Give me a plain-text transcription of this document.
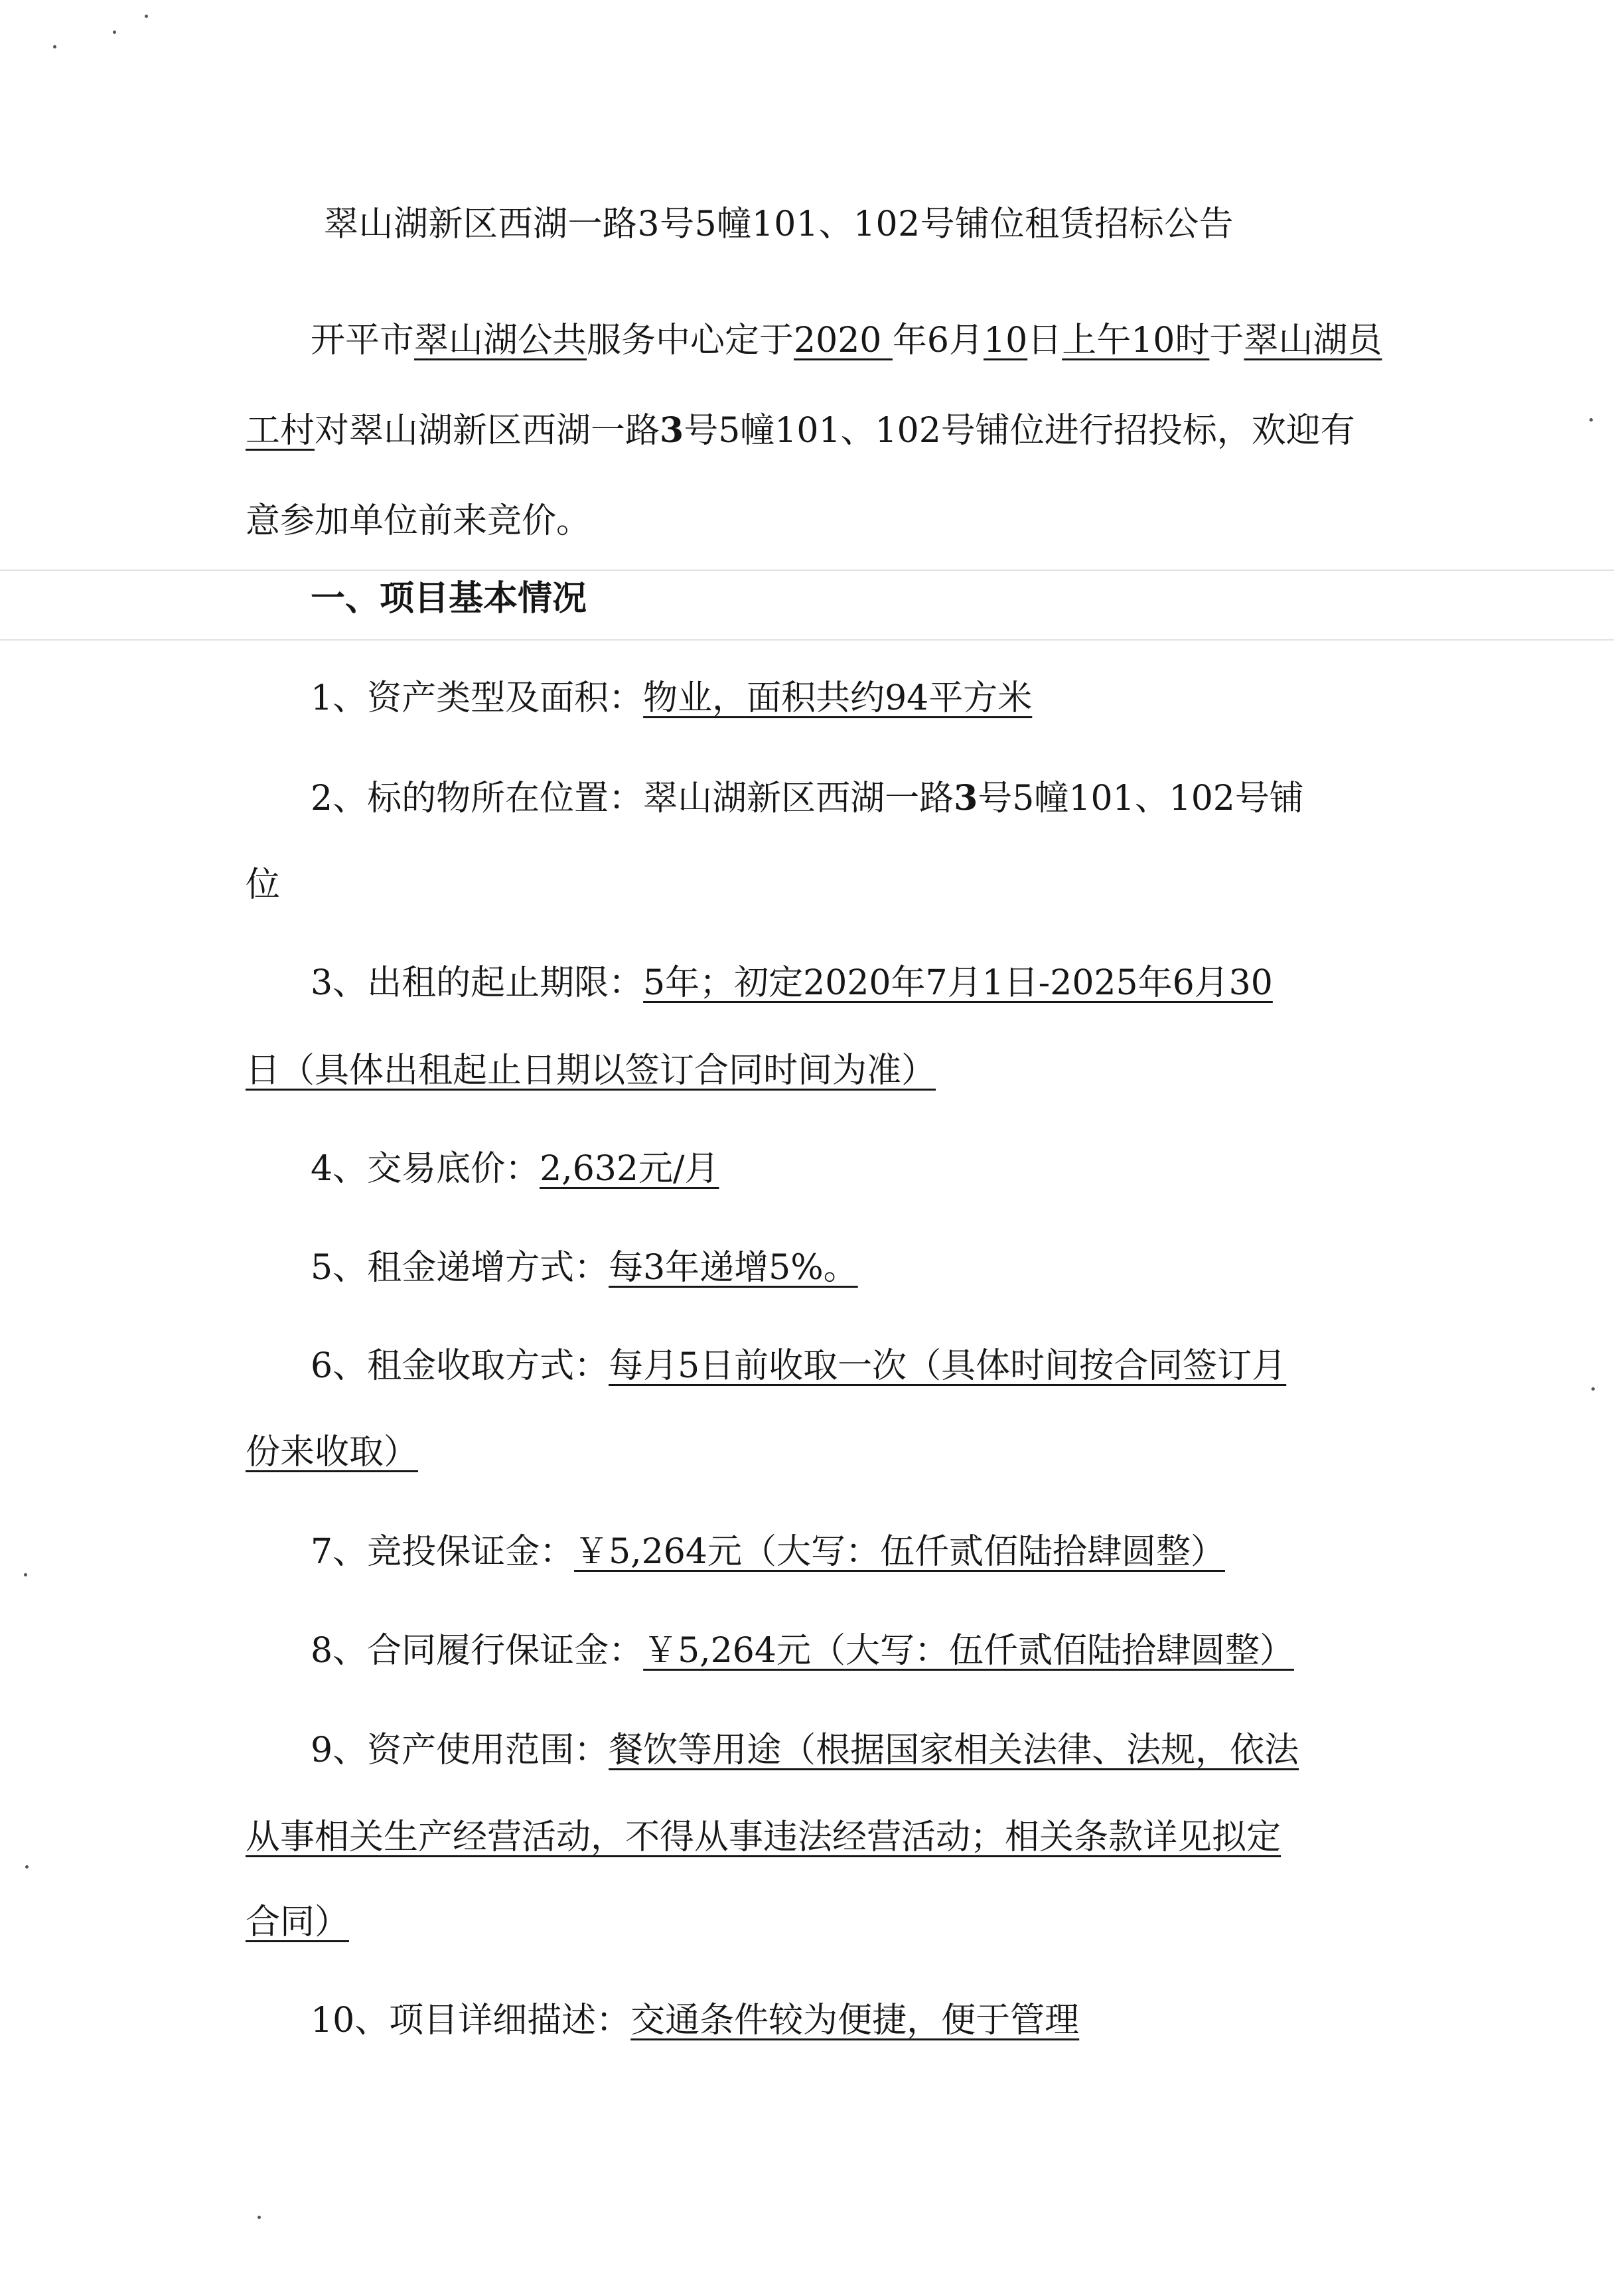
翠山湖新区西湖一路3号5幢101、102号铺位租赁招标公告
开平市翠山湖公共服务中心定于2020 年6月10日上午10时于翠山湖员工村对翠山湖新区西湖一路3号5幢101、102号铺位进行招投标，欢迎有意参加单位前来竞价。
一、项目基本情况
1、资产类型及面积：物业，面积共约94平方米
2、标的物所在位置：翠山湖新区西湖一路3号5幢101、102号铺
位
3、出租的起止期限：5年；初定2020年7月1日-2025年6月30
日（具体出租起止日期以签订合同时间为准）
4、交易底价：2,632元/月
5、租金递增方式：每3年递增5%。
6、租金收取方式：每月5日前收取一次（具体时间按合同签订月
份来收取）
7、竞投保证金：￥5,264元（大写：伍仟贰佰陆拾肆圆整）
8、合同履行保证金：￥5,264元（大写：伍仟贰佰陆拾肆圆整）
9、资产使用范围：餐饮等用途（根据国家相关法律、法规，依法
从事相关生产经营活动，不得从事违法经营活动；相关条款详见拟定
合同）
10、项目详细描述：交通条件较为便捷，便于管理
